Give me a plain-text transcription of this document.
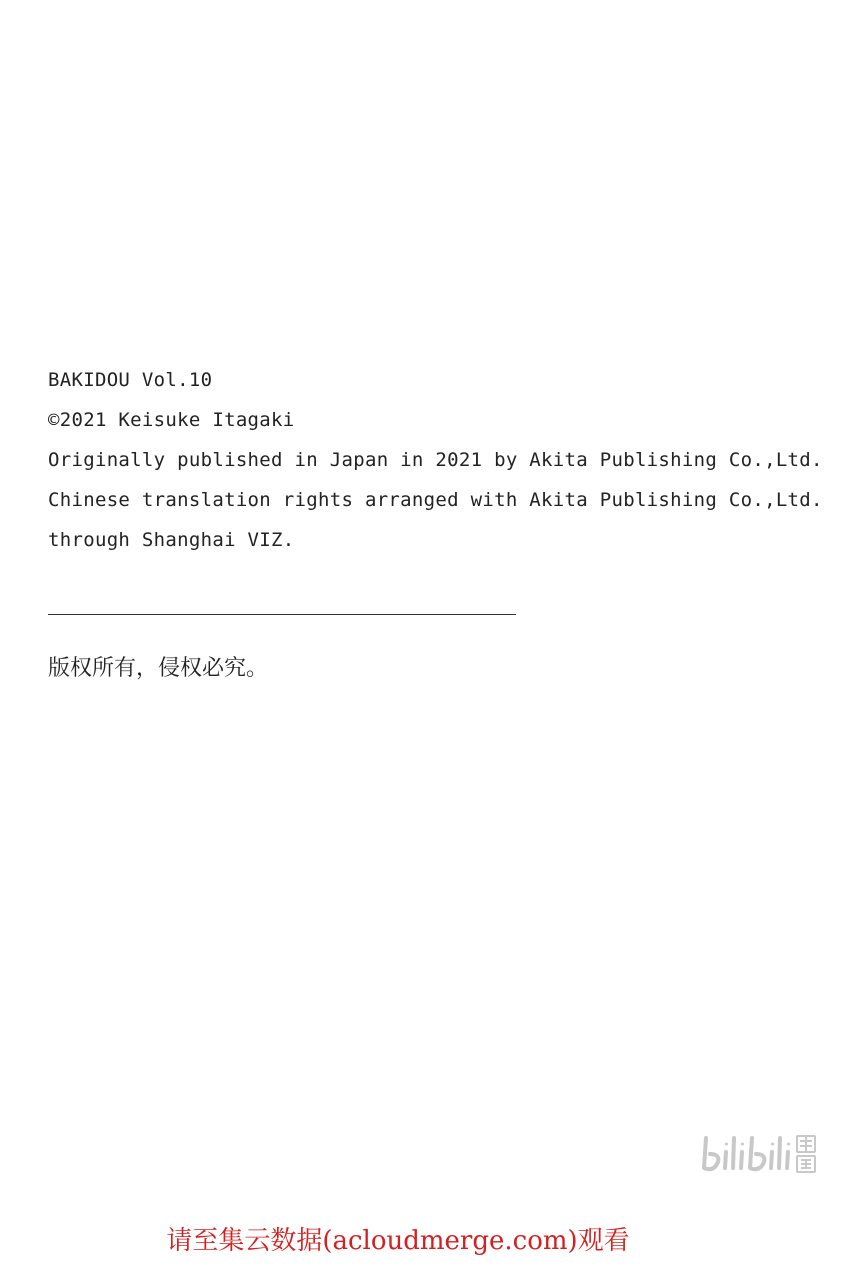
BAKIDOU Vol.10
©2021 Keisuke Itagaki
Originally published in Japan in 2021 by Akita Publishing Co.,Ltd.
Chinese translation rights arranged with Akita Publishing Co.,Ltd.
through Shanghai VIZ.
版权所有，侵权必究。
请至集云数据(acloudmerge.com)观看
